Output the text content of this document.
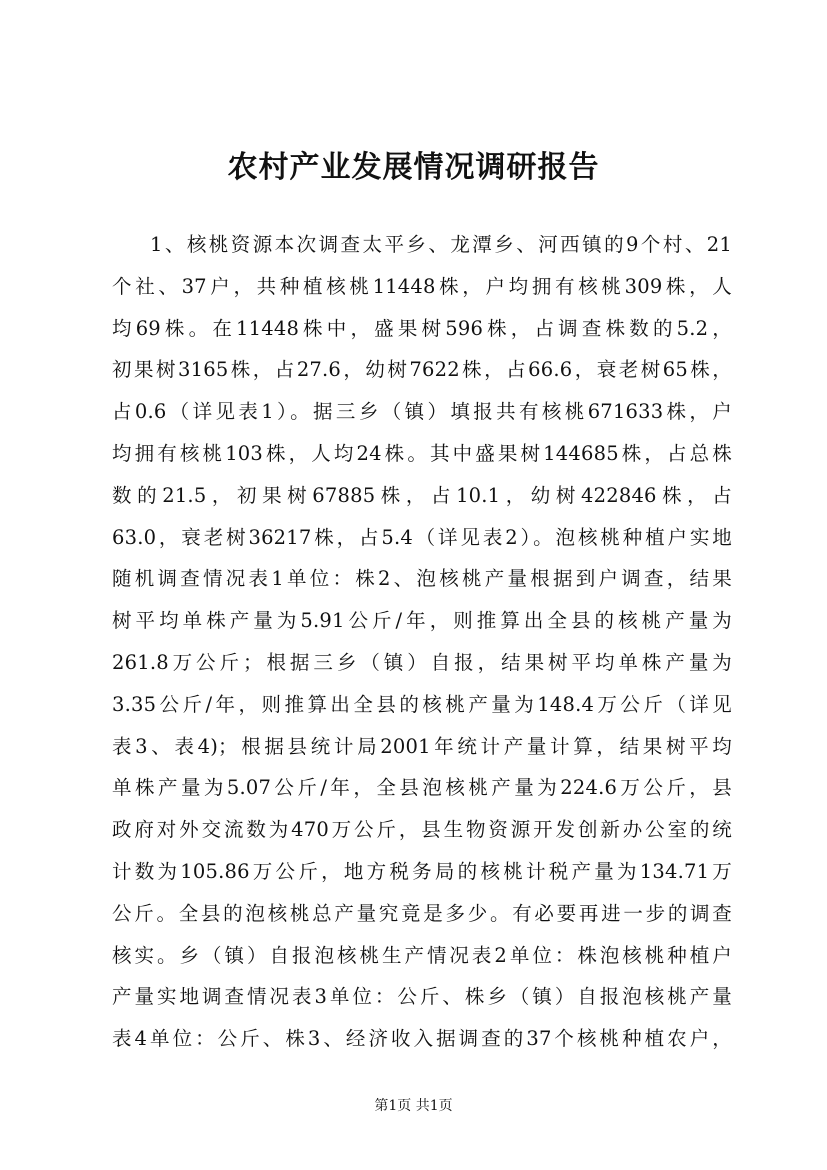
农村产业发展情况调研报告
1、核桃资源本次调查太平乡、龙潭乡、河西镇的9个村、21
个社、37户，共种植核桃11448株，户均拥有核桃309株，人
均69株。在11448株中，盛果树596株，占调查株数的5.2，
初果树3165株，占27.6，幼树7622株，占66.6，衰老树65株，
占0.6（详见表1）。据三乡（镇）填报共有核桃671633株，户
均拥有核桃103株，人均24株。其中盛果树144685株，占总株
数的21.5，初果树67885株，占10.1，幼树422846株，占
63.0，衰老树36217株，占5.4（详见表2）。泡核桃种植户实地
随机调查情况表1单位：株2、泡核桃产量根据到户调查，结果
树平均单株产量为5.91公斤/年，则推算出全县的核桃产量为
261.8万公斤；根据三乡（镇）自报，结果树平均单株产量为
3.35公斤/年，则推算出全县的核桃产量为148.4万公斤（详见
表3、表4)；根据县统计局2001年统计产量计算，结果树平均
单株产量为5.07公斤/年，全县泡核桃产量为224.6万公斤，县
政府对外交流数为470万公斤，县生物资源开发创新办公室的统
计数为105.86万公斤，地方税务局的核桃计税产量为134.71万
公斤。全县的泡核桃总产量究竟是多少。有必要再进一步的调查
核实。乡（镇）自报泡核桃生产情况表2单位：株泡核桃种植户
产量实地调查情况表3单位：公斤、株乡（镇）自报泡核桃产量
表4单位：公斤、株3、经济收入据调查的37个核桃种植农户，
第1页 共1页
